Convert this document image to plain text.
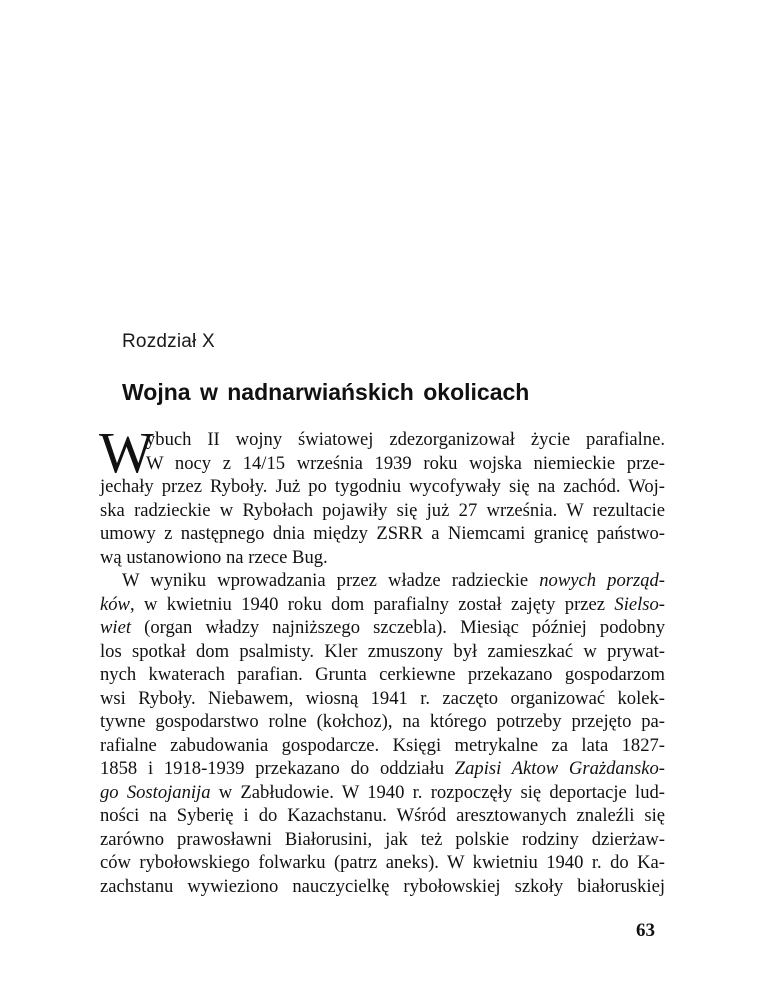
Rozdział X
Wojna w nadnarwiańskich okolicach
W
ybuch II wojny światowej zdezorganizował życie parafialne.
W nocy z 14/15 września 1939 roku wojska niemieckie prze-
jechały przez Ryboły. Już po tygodniu wycofywały się na zachód. Woj-
ska radzieckie w Rybołach pojawiły się już 27 września. W rezultacie
umowy z następnego dnia między ZSRR a Niemcami granicę państwo-
wą ustanowiono na rzece Bug.
W wyniku wprowadzania przez władze radzieckie nowych porząd-
ków, w kwietniu 1940 roku dom parafialny został zajęty przez Sielso-
wiet (organ władzy najniższego szczebla). Miesiąc później podobny
los spotkał dom psalmisty. Kler zmuszony był zamieszkać w prywat-
nych kwaterach parafian. Grunta cerkiewne przekazano gospodarzom
wsi Ryboły. Niebawem, wiosną 1941 r. zaczęto organizować kolek-
tywne gospodarstwo rolne (kołchoz), na którego potrzeby przejęto pa-
rafialne zabudowania gospodarcze. Księgi metrykalne za lata 1827-
1858 i 1918-1939 przekazano do oddziału Zapisi Aktow Grażdansko-
go Sostojanija w Zabłudowie. W 1940 r. rozpoczęły się deportacje lud-
ności na Syberię i do Kazachstanu. Wśród aresztowanych znaleźli się
zarówno prawosławni Białorusini, jak też polskie rodziny dzierżaw-
ców rybołowskiego folwarku (patrz aneks). W kwietniu 1940 r. do Ka-
zachstanu wywieziono nauczycielkę rybołowskiej szkoły białoruskiej
63
